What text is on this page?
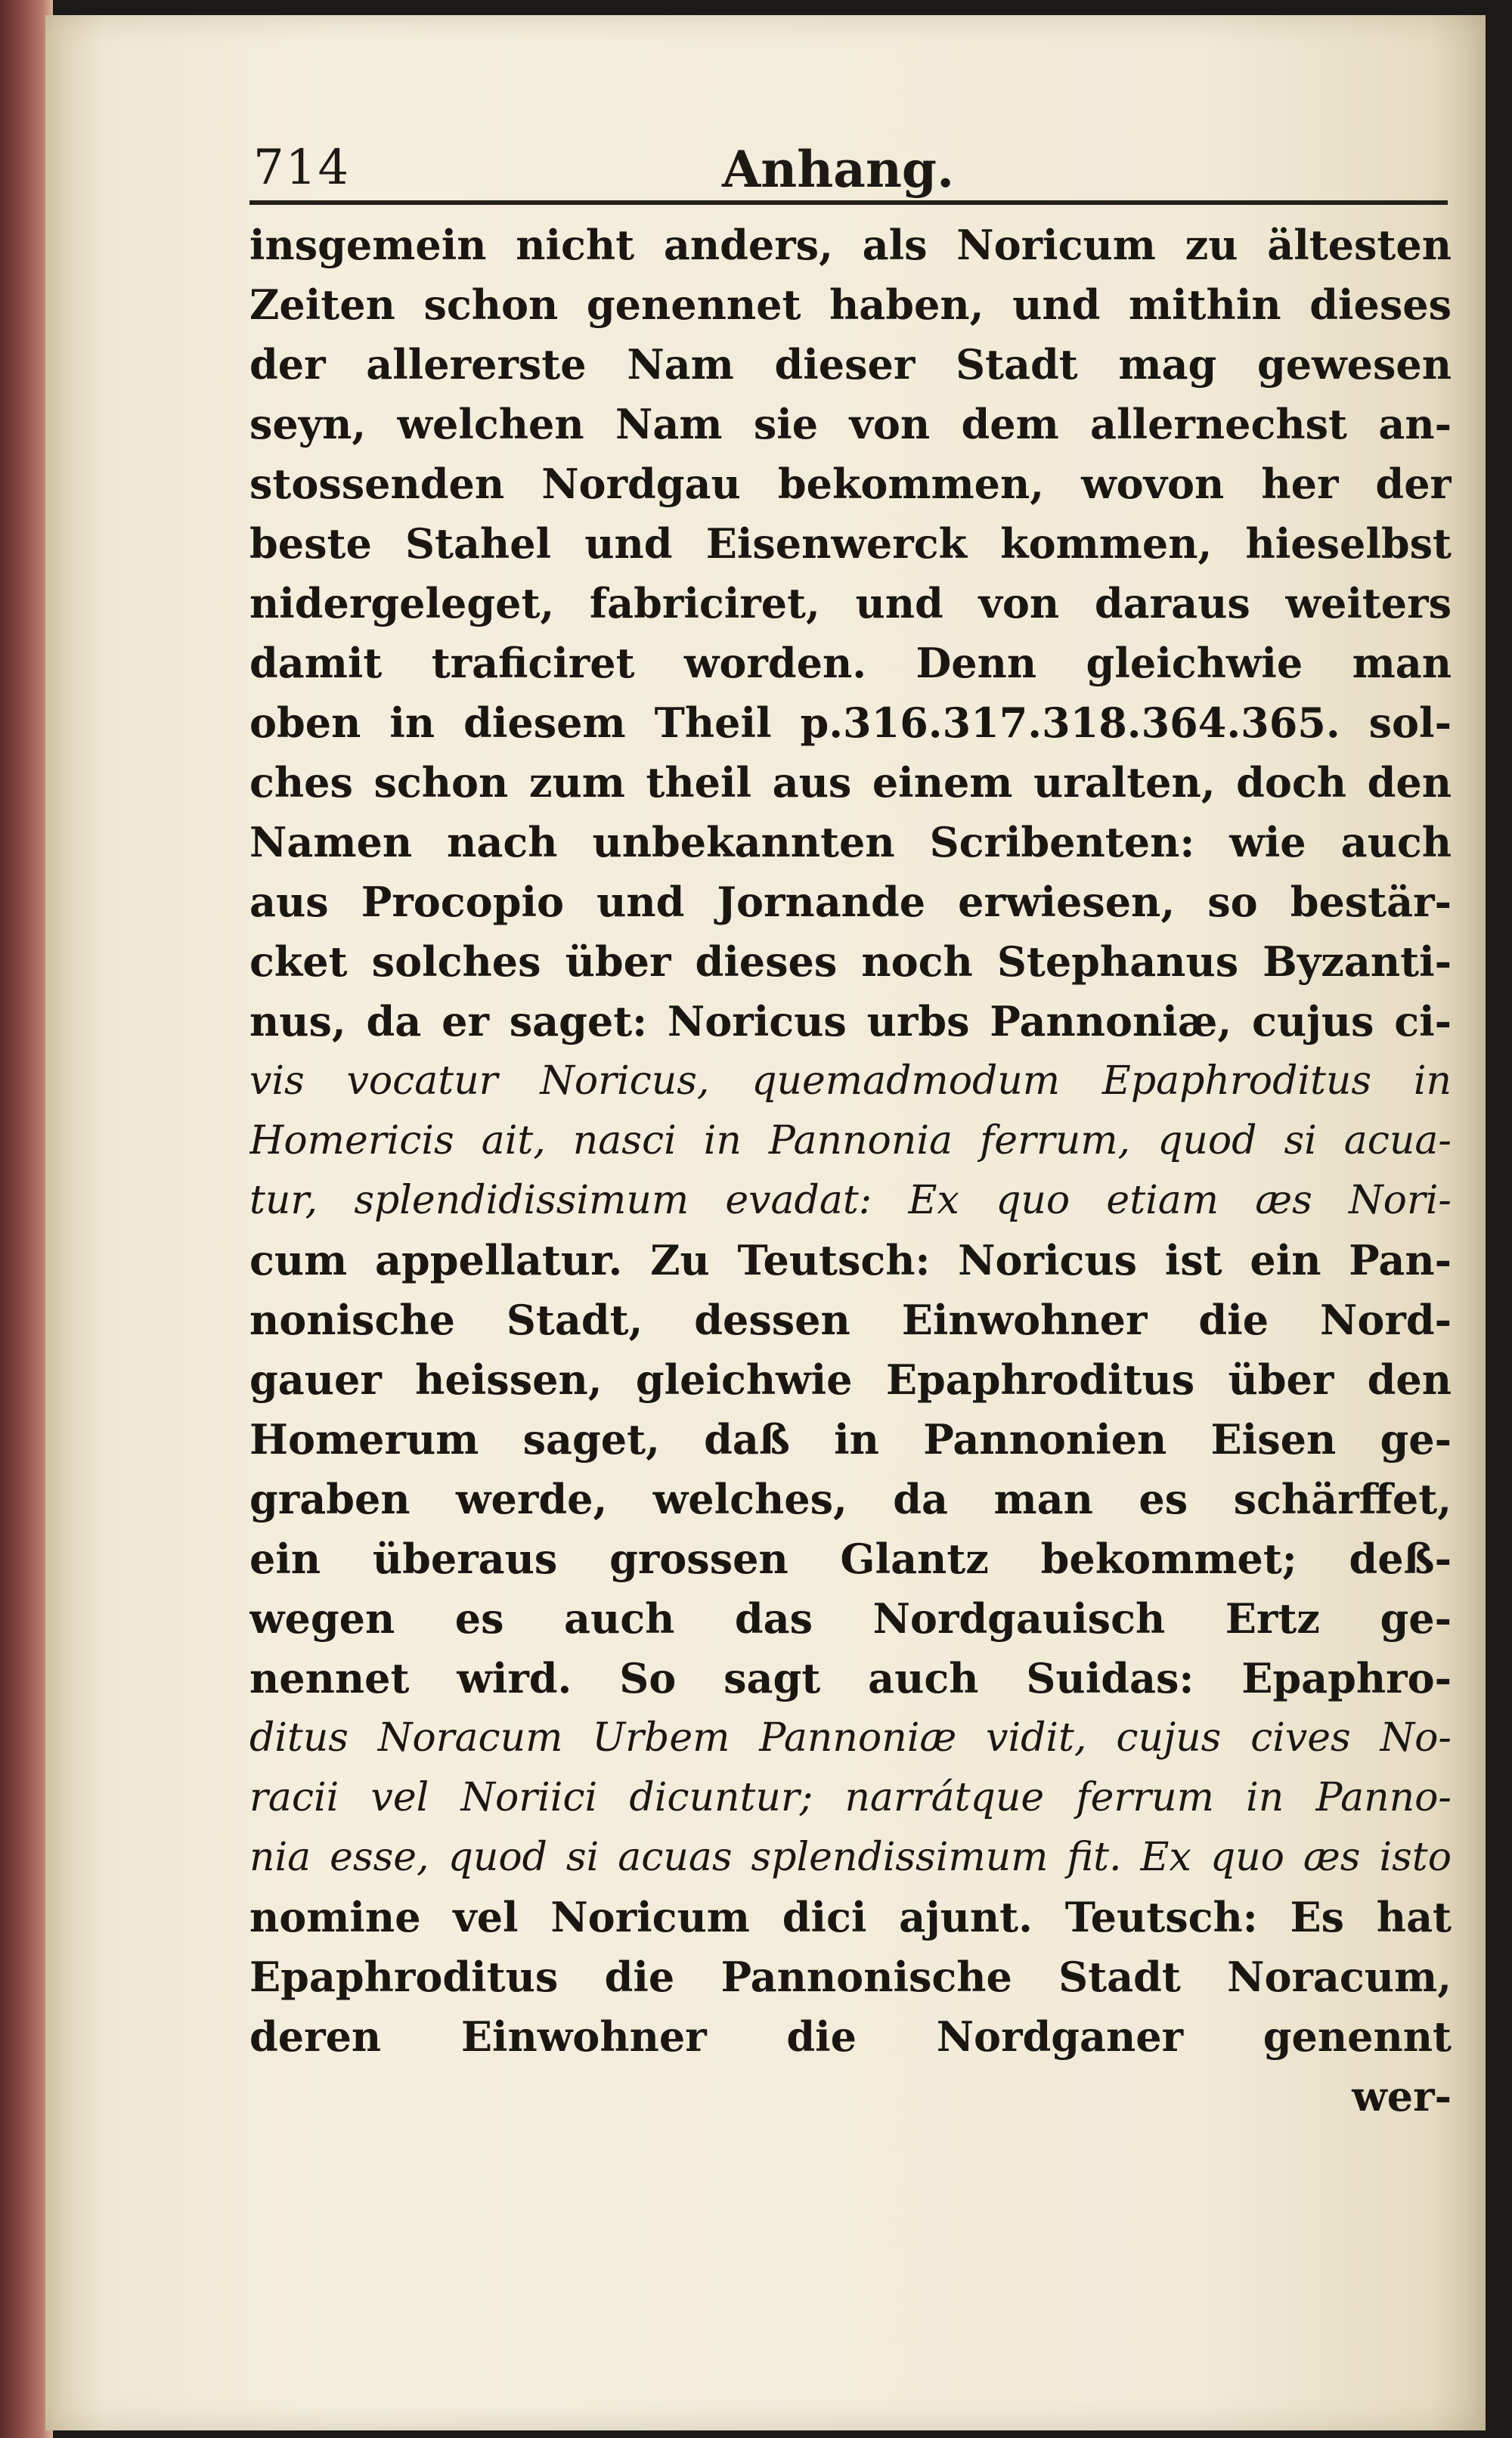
714	Anhang.
insgemein nicht anders, als Noricum zu ältesten
Zeiten schon genennet haben, und mithin dieses
der allererste Nam dieser Stadt mag gewesen
seyn, welchen Nam sie von dem allernechst an-
stossenden Nordgau bekommen, wovon her der
beste Stahel und Eisenwerck kommen, hieselbst
nidergeleget, fabriciret, und von daraus weiters
damit traficiret worden. Denn gleichwie man
oben in diesem Theil p.316.317.318.364.365. sol-
ches schon zum theil aus einem uralten, doch den
Namen nach unbekannten Scribenten: wie auch
aus Procopio und Jornande erwiesen, so bestär-
cket solches über dieses noch Stephanus Byzanti-
nus, da er saget: Noricus urbs Pannoniæ, cujus ci-
vis vocatur Noricus, quemadmodum Epaphroditus in
Homericis ait, nasci in Pannonia ferrum, quod si acua-
tur, splendidissimum evadat: Ex quo etiam æs Nori-
cum appellatur. Zu Teutsch: Noricus ist ein Pan-
nonische Stadt, dessen Einwohner die Nord-
gauer heissen, gleichwie Epaphroditus über den
Homerum saget, daß in Pannonien Eisen ge-
graben werde, welches, da man es schärffet,
ein überaus grossen Glantz bekommet; deß-
wegen es auch das Nordgauisch Ertz ge-
nennet wird. So sagt auch Suidas: Epaphro-
ditus Noracum Urbem Pannoniæ vidit, cujus cives No-
racii vel Noriici dicuntur; narrátque ferrum in Panno-
nia esse, quod si acuas splendissimum fit. Ex quo æs isto
nomine vel Noricum dici ajunt. Teutsch: Es hat
Epaphroditus die Pannonische Stadt Noracum,
deren Einwohner die Nordganer genennt
wer-
